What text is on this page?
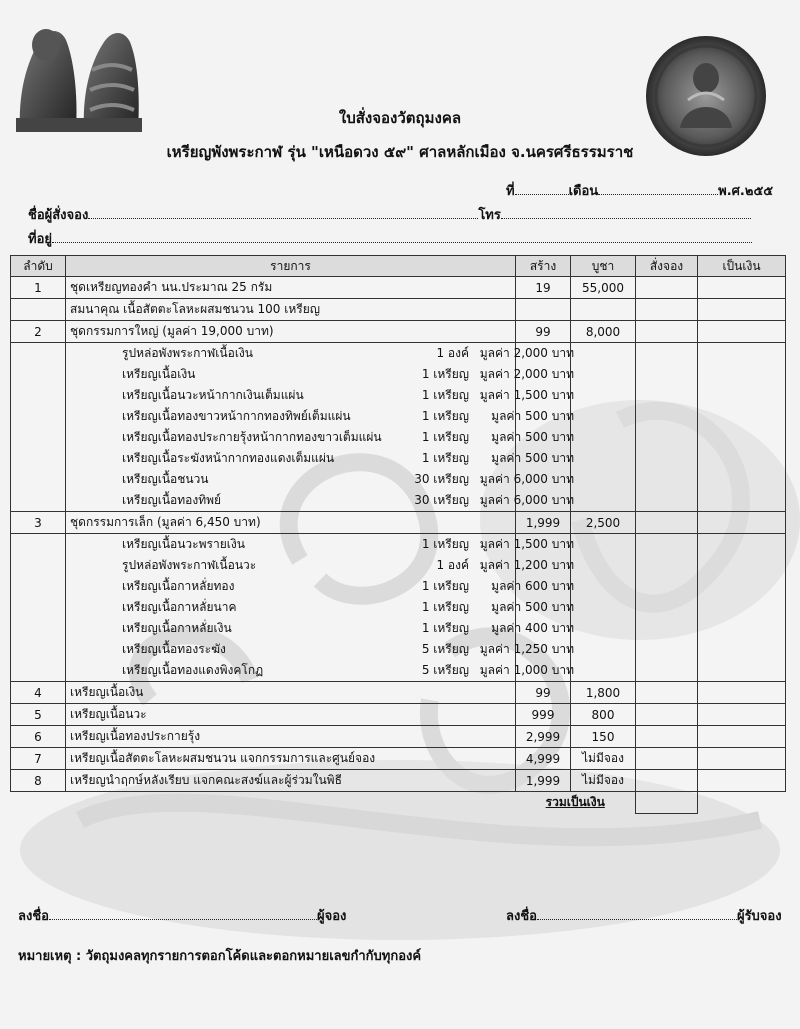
ใบสั่งจองวัตถุมงคล
เหรียญพังพระกาฬ รุ่น "เหนือดวง ๕๙" ศาลหลักเมือง จ.นครศรีธรรมราช
ที่	เดือน	พ.ศ.๒๕๕
ชื่อผู้สั่งจอง	โทร
ที่อยู่
ลำดับ	รายการ	สร้าง	บูชา	สั่งจอง	เป็นเงิน
1	ชุดเหรียญทองคำ นน.ประมาณ 25 กรัม	19	55,000		
	สมนาคุณ เนื้อสัตตะโลหะผสมชนวน 100 เหรียญ				
2	ชุดกรรมการใหญ่ (มูลค่า 19,000 บาท)	99	8,000		
	รูปหล่อพังพระกาฬเนื้อเงิน 1 องค์ มูลค่า 2,000 บาท				
	เหรียญเนื้อเงิน 1 เหรียญ มูลค่า 2,000 บาท				
	เหรียญเนื้อนวะหน้ากากเงินเต็มแผ่น 1 เหรียญ มูลค่า 1,500 บาท				
	เหรียญเนื้อทองขาวหน้ากากทองทิพย์เต็มแผ่น 1 เหรียญ มูลค่า 500 บาท				
	เหรียญเนื้อทองประกายรุ้งหน้ากากทองขาวเต็มแผ่น 1 เหรียญ มูลค่า 500 บาท				
	เหรียญเนื้อระฆังหน้ากากทองแดงเต็มแผ่น 1 เหรียญ มูลค่า 500 บาท				
	เหรียญเนื้อชนวน 30 เหรียญ มูลค่า 6,000 บาท				
	เหรียญเนื้อทองทิพย์ 30 เหรียญ มูลค่า 6,000 บาท				
3	ชุดกรรมการเล็ก (มูลค่า 6,450 บาท)	1,999	2,500		
	เหรียญเนื้อนวะพรายเงิน 1 เหรียญ มูลค่า 1,500 บาท				
	รูปหล่อพังพระกาฬเนื้อนวะ 1 องค์ มูลค่า 1,200 บาท				
	เหรียญเนื้อกาหลั่ยทอง 1 เหรียญ มูลค่า 600 บาท				
	เหรียญเนื้อกาหลั่ยนาค 1 เหรียญ มูลค่า 500 บาท				
	เหรียญเนื้อกาหลั่ยเงิน 1 เหรียญ มูลค่า 400 บาท				
	เหรียญเนื้อทองระฆัง 5 เหรียญ มูลค่า 1,250 บาท				
	เหรียญเนื้อทองแดงพิงคโกฏ 5 เหรียญ มูลค่า 1,000 บาท				
4	เหรียญเนื้อเงิน	99	1,800		
5	เหรียญเนื้อนวะ	999	800		
6	เหรียญเนื้อทองประกายรุ้ง	2,999	150		
7	เหรียญเนื้อสัตตะโลหะผสมชนวน แจกกรรมการและศูนย์จอง	4,999	ไม่มีจอง		
8	เหรียญนำฤกษ์หลังเรียบ แจกคณะสงฆ์และผู้ร่วมในพิธี	1,999	ไม่มีจอง		
		รวมเป็นเงิน			
ลงชื่อ	ผู้จอง	ลงชื่อ	ผู้รับจอง
หมายเหตุ : วัตถุมงคลทุกรายการตอกโค้ดและตอกหมายเลขกำกับทุกองค์
